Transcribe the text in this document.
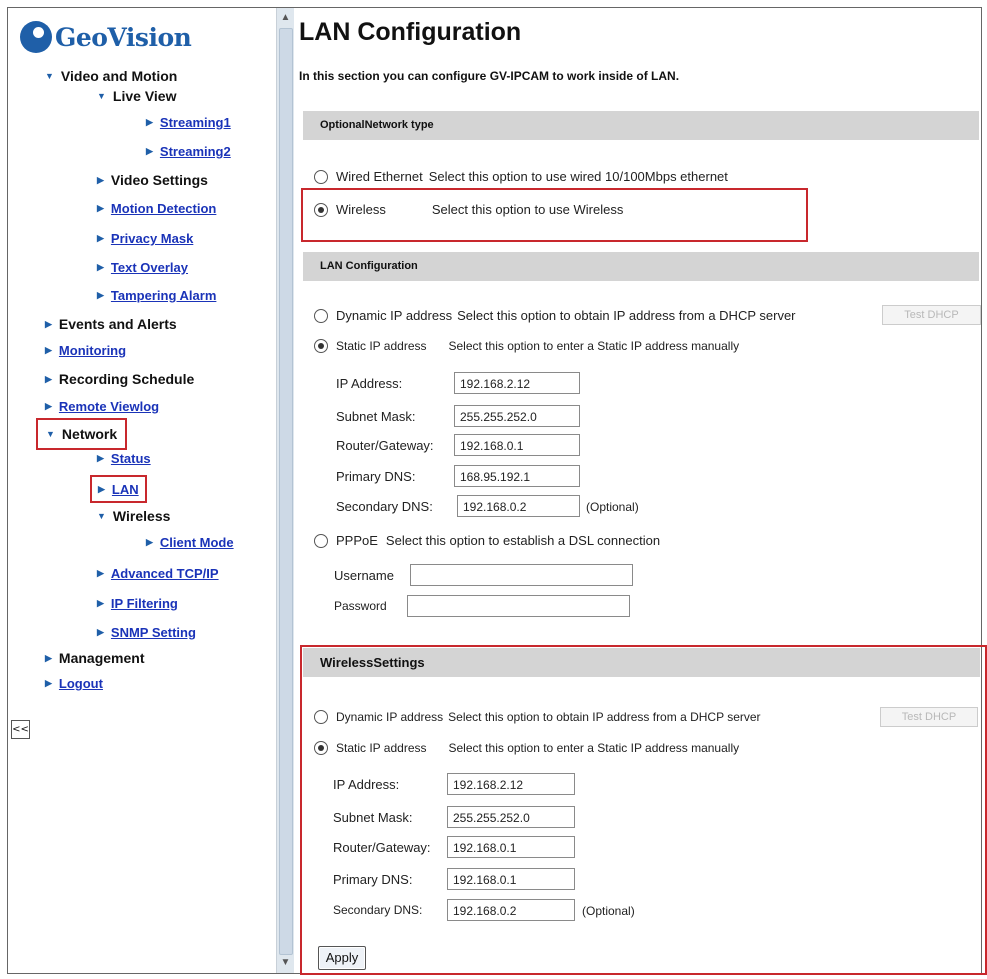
GeoVision
▼ Video and Motion
▼ Live View
▶ Streaming1
▶ Streaming2
▶ Video Settings
▶ Motion Detection
▶ Privacy Mask
▶ Text Overlay
▶ Tampering Alarm
▶ Events and Alerts
▶ Monitoring
▶ Recording Schedule
▶ Remote Viewlog
▼ Network
▶ Status
▶ LAN
▼ Wireless
▶ Client Mode
▶ Advanced TCP/IP
▶ IP Filtering
▶ SNMP Setting
▶ Management
▶ Logout
<<
▲
▼
LAN Configuration
In this section you can configure GV-IPCAM to work inside of LAN.
OptionalNetwork type
Wired Ethernet Select this option to use wired 10/100Mbps ethernet
Wireless	Select this option to use Wireless
LAN Configuration
Dynamic IP address Select this option to obtain IP address from a DHCP server	Test DHCP
Static IP address Select this option to enter a Static IP address manually
IP Address:	192.168.2.12
Subnet Mask:	255.255.252.0
Router/Gateway:	192.168.0.1
Primary DNS:	168.95.192.1
Secondary DNS:	192.168.0.2	(Optional)
PPPoE Select this option to establish a DSL connection
Username
Password
WirelessSettings
Dynamic IP address Select this option to obtain IP address from a DHCP server	Test DHCP
Static IP address Select this option to enter a Static IP address manually
IP Address:	192.168.2.12
Subnet Mask:	255.255.252.0
Router/Gateway:	192.168.0.1
Primary DNS:	192.168.0.1
Secondary DNS:	192.168.0.2	(Optional)
Apply
